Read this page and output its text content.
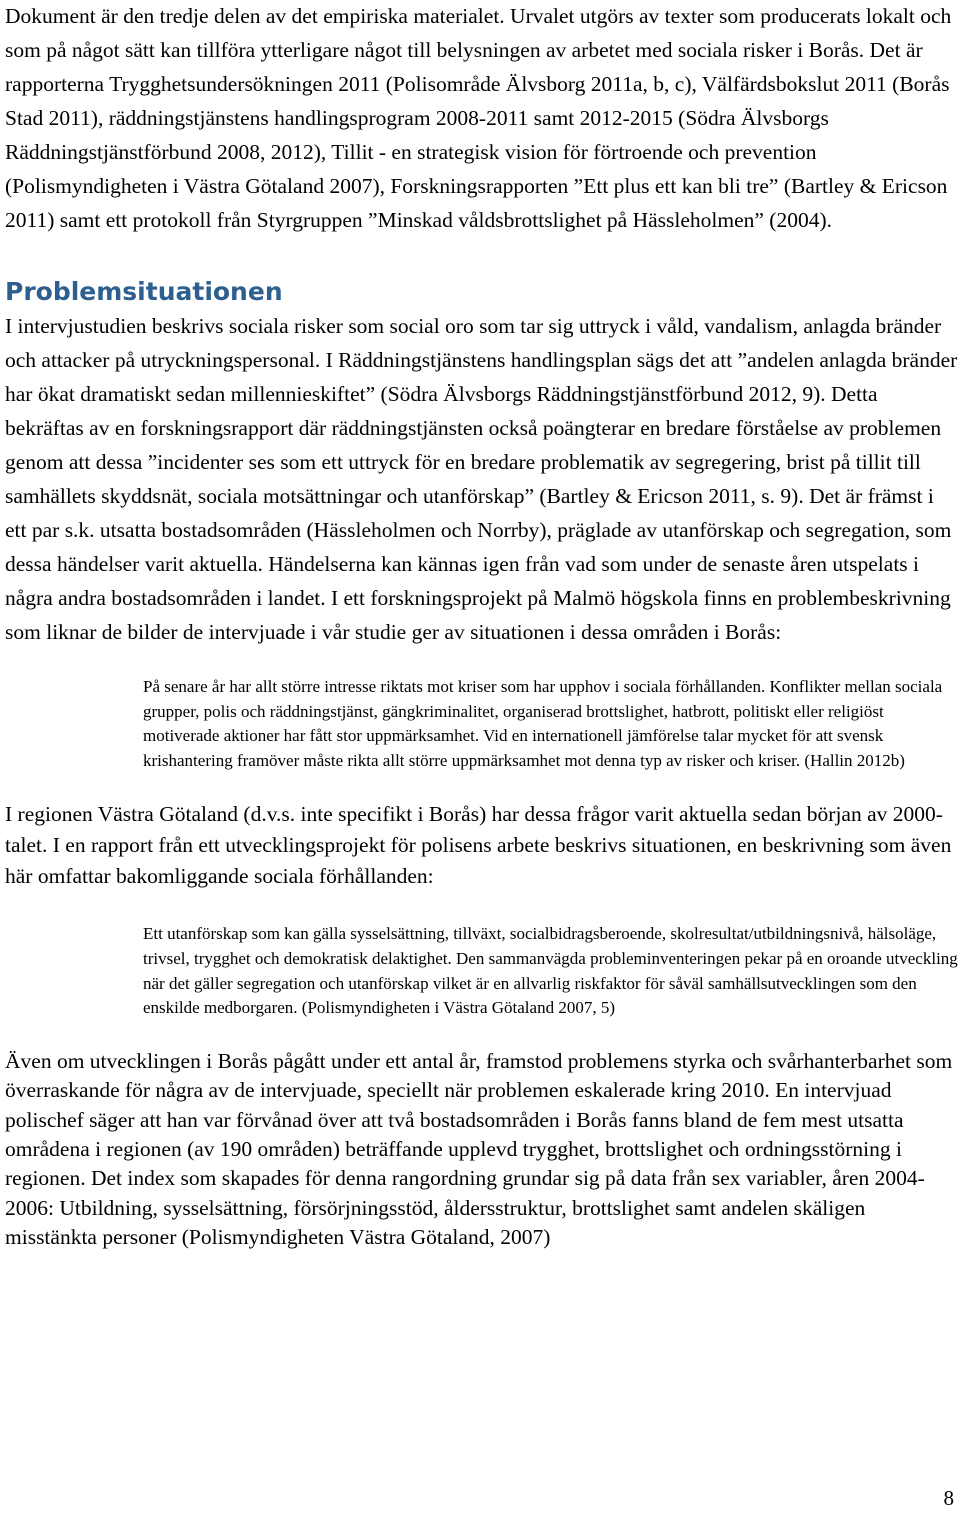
Dokument är den tredje delen av det empiriska materialet. Urvalet utgörs av texter som producerats lokalt och som på något sätt kan tillföra ytterligare något till belysningen av arbetet med sociala risker i Borås. Det är rapporterna Trygghetsundersökningen 2011 (Polisområde Älvsborg 2011a, b, c), Välfärdsbokslut 2011 (Borås Stad 2011), räddningstjänstens handlingsprogram 2008-2011 samt 2012-2015 (Södra Älvsborgs Räddningstjänstförbund 2008, 2012), Tillit - en strategisk vision för förtroende och prevention (Polismyndigheten i Västra Götaland 2007), Forskningsrapporten ”Ett plus ett kan bli tre” (Bartley & Ericson 2011) samt ett protokoll från Styrgruppen ”Minskad våldsbrottslighet på Hässleholmen” (2004).

Problemsituationen

I intervjustudien beskrivs sociala risker som social oro som tar sig uttryck i våld, vandalism, anlagda bränder och attacker på utryckningspersonal. I Räddningstjänstens handlingsplan sägs det att ”andelen anlagda bränder har ökat dramatiskt sedan millennieskiftet” (Södra Älvsborgs Räddningstjänstförbund 2012, 9). Detta bekräftas av en forskningsrapport där räddningstjänsten också poängterar en bredare förståelse av problemen genom att dessa ”incidenter ses som ett uttryck för en bredare problematik av segregering, brist på tillit till samhällets skyddsnät, sociala motsättningar och utanförskap” (Bartley & Ericson 2011, s. 9). Det är främst i ett par s.k. utsatta bostadsområden (Hässleholmen och Norrby), präglade av utanförskap och segregation, som dessa händelser varit aktuella. Händelserna kan kännas igen från vad som under de senaste åren utspelats i några andra bostadsområden i landet. I ett forskningsprojekt på Malmö högskola finns en problembeskrivning som liknar de bilder de intervjuade i vår studie ger av situationen i dessa områden i Borås:

På senare år har allt större intresse riktats mot kriser som har upphov i sociala förhållanden. Konflikter mellan sociala grupper, polis och räddningstjänst, gängkriminalitet, organiserad brottslighet, hatbrott, politiskt eller religiöst motiverade aktioner har fått stor uppmärksamhet. Vid en internationell jämförelse talar mycket för att svensk krishantering framöver måste rikta allt större uppmärksamhet mot denna typ av risker och kriser. (Hallin 2012b)

I regionen Västra Götaland (d.v.s. inte specifikt i Borås) har dessa frågor varit aktuella sedan början av 2000-talet. I en rapport från ett utvecklingsprojekt för polisens arbete beskrivs situationen, en beskrivning som även här omfattar bakomliggande sociala förhållanden:

Ett utanförskap som kan gälla sysselsättning, tillväxt, socialbidragsberoende, skolresultat/utbildningsnivå, hälsoläge, trivsel, trygghet och demokratisk delaktighet. Den sammanvägda probleminventeringen pekar på en oroande utveckling när det gäller segregation och utanförskap vilket är en allvarlig riskfaktor för såväl samhällsutvecklingen som den enskilde medborgaren. (Polismyndigheten i Västra Götaland 2007, 5)

Även om utvecklingen i Borås pågått under ett antal år, framstod problemens styrka och svårhanterbarhet som överraskande för några av de intervjuade, speciellt när problemen eskalerade kring 2010. En intervjuad polischef säger att han var förvånad över att två bostadsområden i Borås fanns bland de fem mest utsatta områdena i regionen (av 190 områden) beträffande upplevd trygghet, brottslighet och ordningsstörning i regionen. Det index som skapades för denna rangordning grundar sig på data från sex variabler, åren 2004-2006: Utbildning, sysselsättning, försörjningsstöd, åldersstruktur, brottslighet samt andelen skäligen misstänkta personer (Polismyndigheten Västra Götaland, 2007)

8
